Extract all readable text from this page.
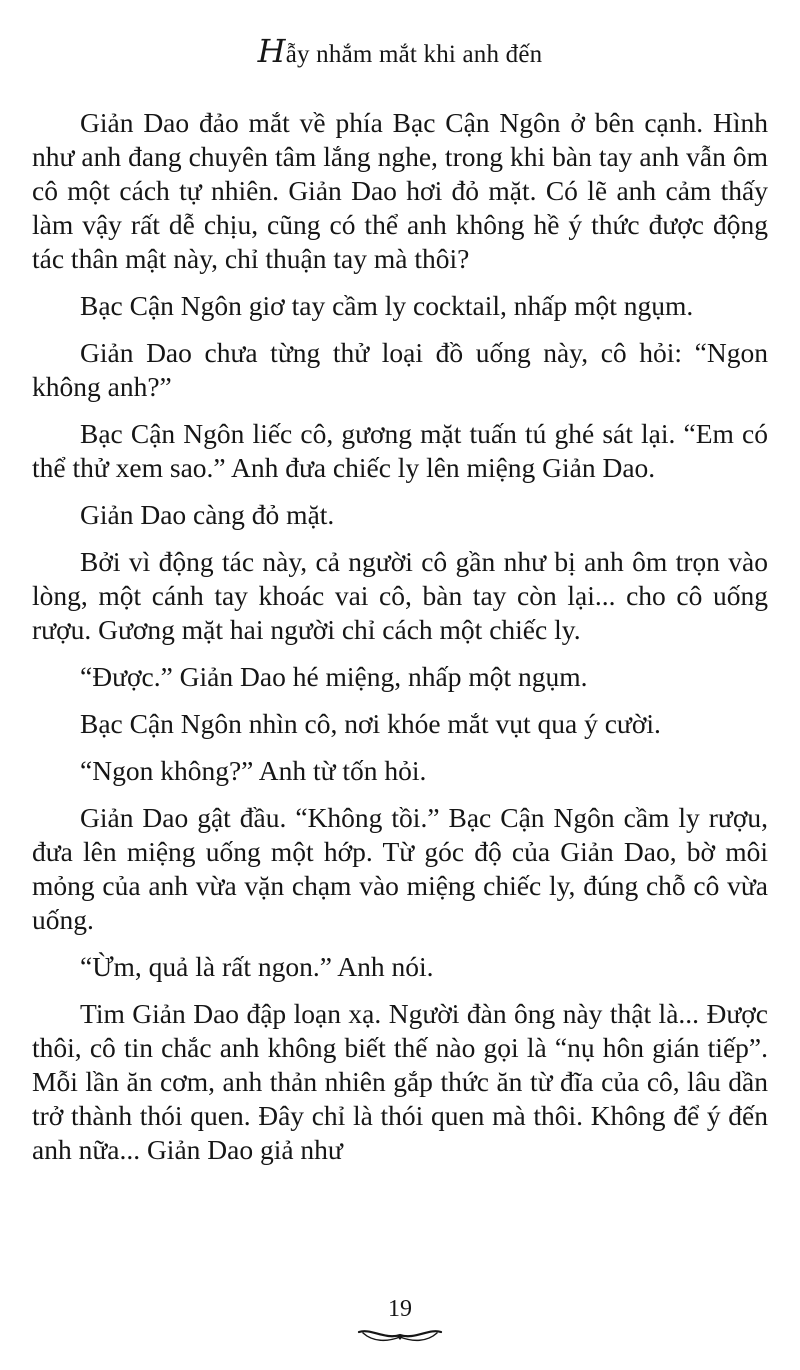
Hẫy nhắm mắt khi anh đến

Giản Dao đảo mắt về phía Bạc Cận Ngôn ở bên cạnh. Hình như anh đang chuyên tâm lắng nghe, trong khi bàn tay anh vẫn ôm cô một cách tự nhiên. Giản Dao hơi đỏ mặt. Có lẽ anh cảm thấy làm vậy rất dễ chịu, cũng có thể anh không hề ý thức được động tác thân mật này, chỉ thuận tay mà thôi?

Bạc Cận Ngôn giơ tay cầm ly cocktail, nhấp một ngụm.

Giản Dao chưa từng thử loại đồ uống này, cô hỏi: “Ngon không anh?”

Bạc Cận Ngôn liếc cô, gương mặt tuấn tú ghé sát lại. “Em có thể thử xem sao.” Anh đưa chiếc ly lên miệng Giản Dao.

Giản Dao càng đỏ mặt.

Bởi vì động tác này, cả người cô gần như bị anh ôm trọn vào lòng, một cánh tay khoác vai cô, bàn tay còn lại... cho cô uống rượu. Gương mặt hai người chỉ cách một chiếc ly.

“Được.” Giản Dao hé miệng, nhấp một ngụm.

Bạc Cận Ngôn nhìn cô, nơi khóe mắt vụt qua ý cười.

“Ngon không?” Anh từ tốn hỏi.

Giản Dao gật đầu. “Không tồi.” Bạc Cận Ngôn cầm ly rượu, đưa lên miệng uống một hớp. Từ góc độ của Giản Dao, bờ môi mỏng của anh vừa vặn chạm vào miệng chiếc ly, đúng chỗ cô vừa uống.

“Ừm, quả là rất ngon.” Anh nói.

Tim Giản Dao đập loạn xạ. Người đàn ông này thật là... Được thôi, cô tin chắc anh không biết thế nào gọi là “nụ hôn gián tiếp”. Mỗi lần ăn cơm, anh thản nhiên gắp thức ăn từ đĩa của cô, lâu dần trở thành thói quen. Đây chỉ là thói quen mà thôi. Không để ý đến anh nữa... Giản Dao giả như

19
